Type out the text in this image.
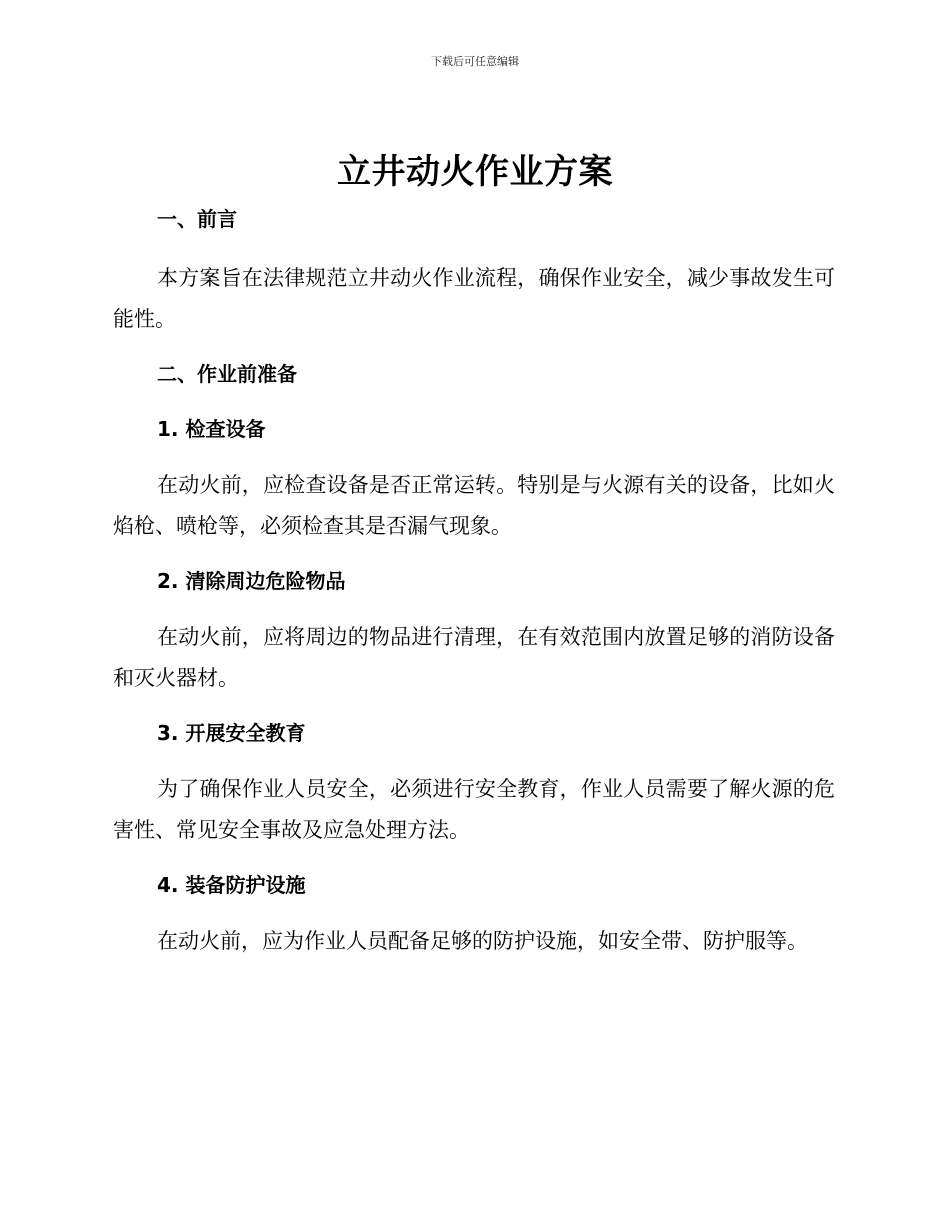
下载后可任意编辑
立井动火作业方案
一、前言

本方案旨在法律规范立井动火作业流程，确保作业安全，减少事故发生可能性。

二、作业前准备
1. 检查设备

在动火前，应检查设备是否正常运转。特别是与火源有关的设备，比如火焰枪、喷枪等，必须检查其是否漏气现象。

2. 清除周边危险物品

在动火前，应将周边的物品进行清理，在有效范围内放置足够的消防设备和灭火器材。

3. 开展安全教育

为了确保作业人员安全，必须进行安全教育，作业人员需要了解火源的危害性、常见安全事故及应急处理方法。

4. 装备防护设施

在动火前，应为作业人员配备足够的防护设施，如安全带、防护服等。
